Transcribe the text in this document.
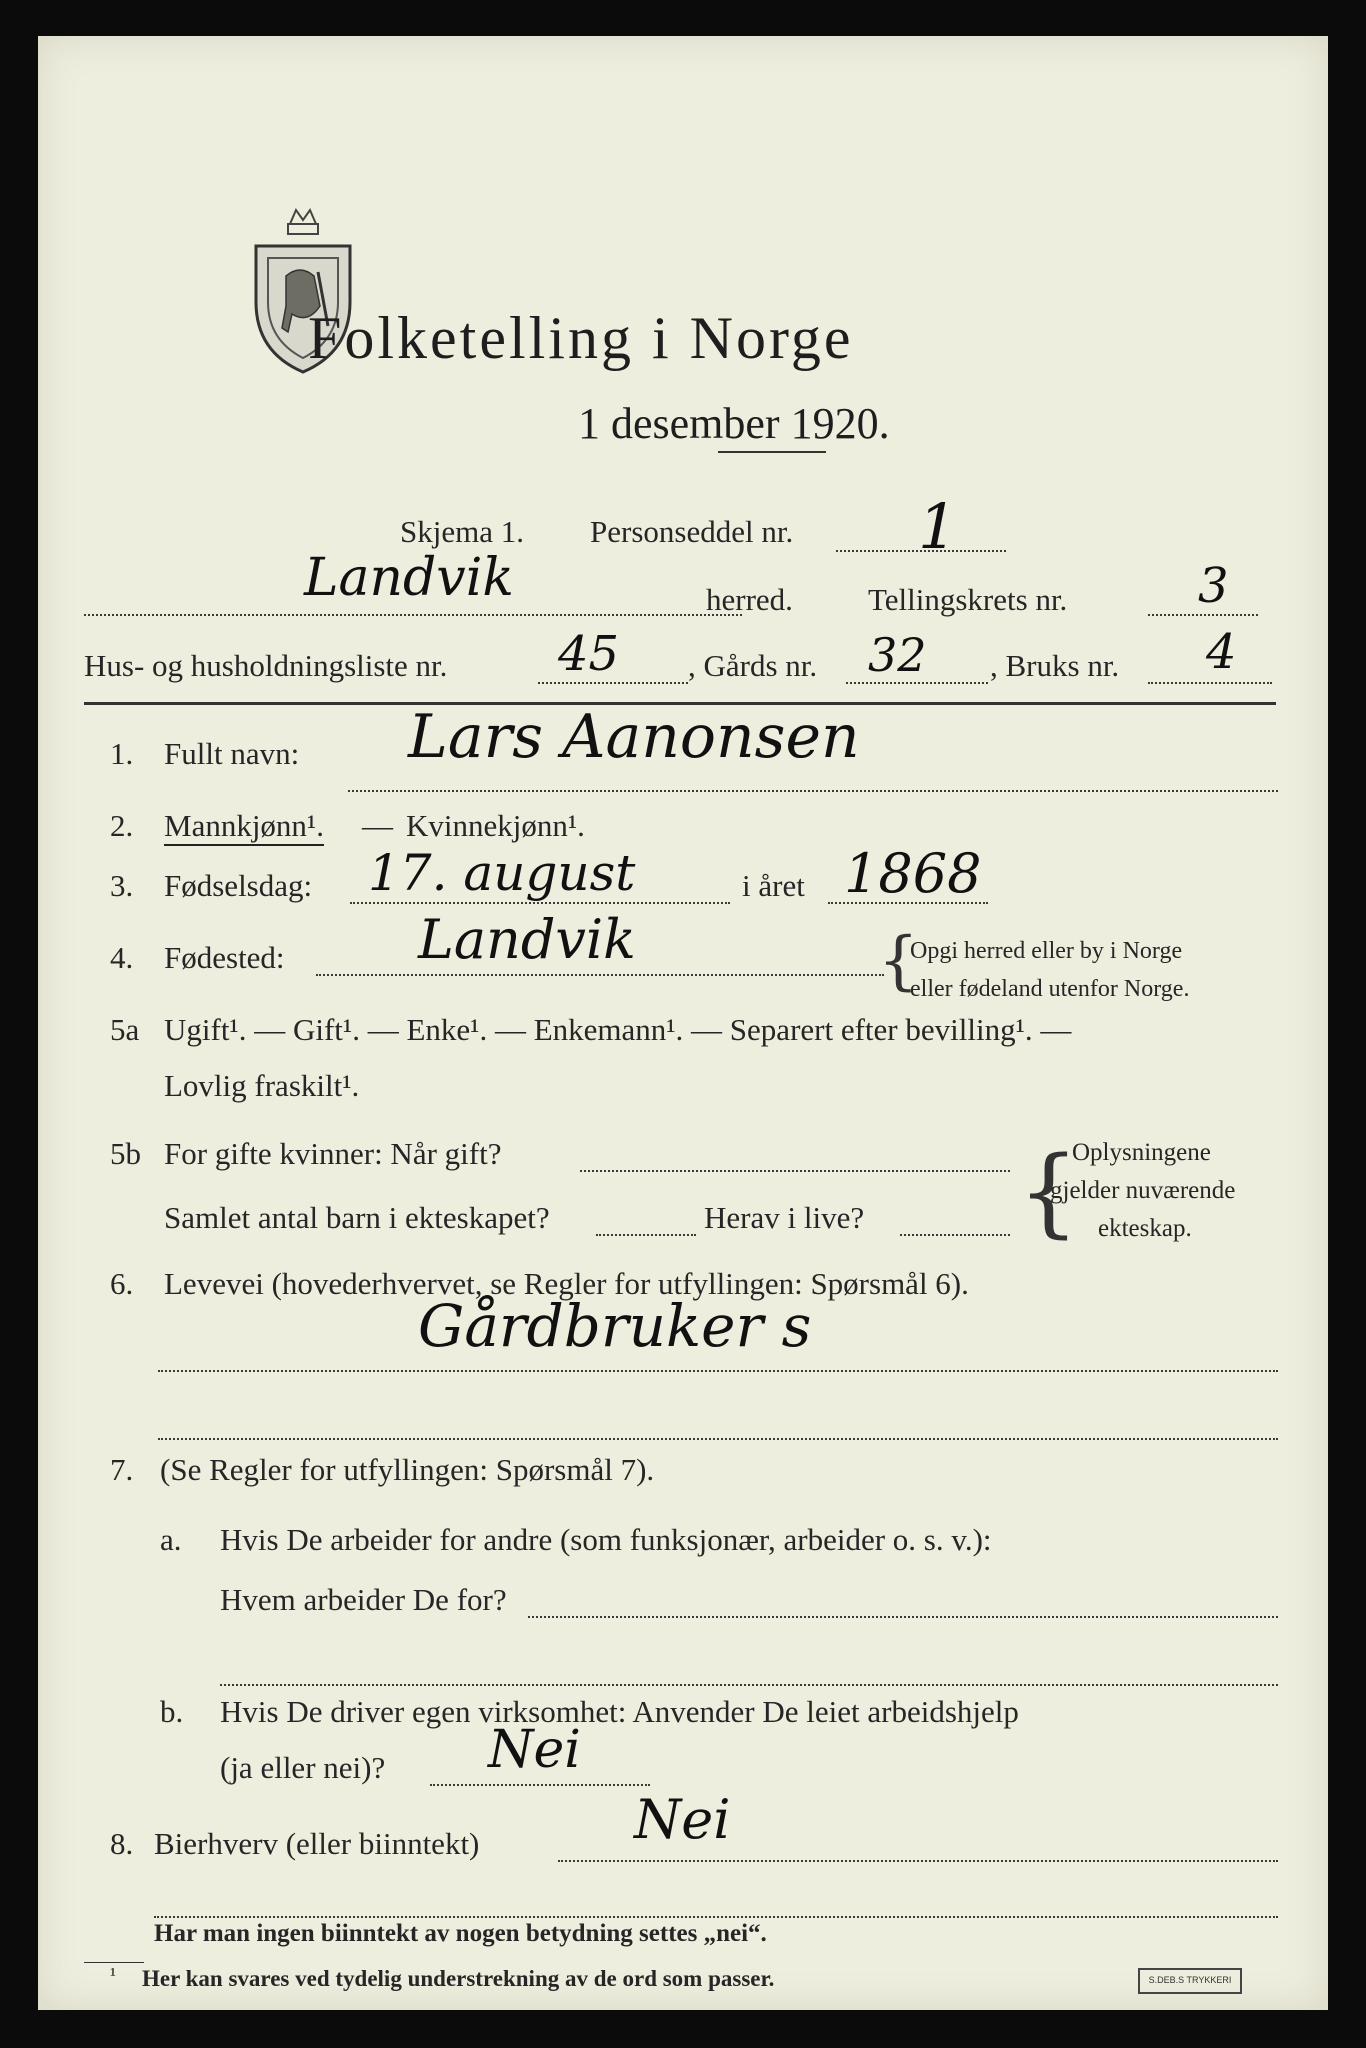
Folketelling i Norge
1 desember 1920.
Skjema 1. Personseddel nr. 1
Landvik	herred. Tellingskrets nr.	3
Hus- og husholdningsliste nr. 45 , Gårds nr. 32 , Bruks nr. 4
1. Fullt navn: Lars Aanonsen
2. Mannkjønn¹. — Kvinnekjønn¹.
3. Fødselsdag: 17. august	i året 1868
4. Fødested: Landvik	{
Opgi herred eller by i Norge
eller fødeland utenfor Norge.
5a Ugift¹. — Gift¹. — Enke¹. — Enkemann¹. — Separert efter bevilling¹. —
Lovlig fraskilt¹.
5b For gifte kvinner: Når gift?
Samlet antal barn i ekteskapet?	Herav i live? {
Oplysningene
gjelder nuværende
ekteskap.
6. Levevei (hovederhvervet, se Regler for utfyllingen: Spørsmål 6).
Gårdbruker s
7. (Se Regler for utfyllingen: Spørsmål 7).
a. Hvis De arbeider for andre (som funksjonær, arbeider o. s. v.):
Hvem arbeider De for?
b. Hvis De driver egen virksomhet: Anvender De leiet arbeidshjelp
(ja eller nei)? Nei
8. Bierhverv (eller biinntekt)	Nei
Har man ingen biinntekt av nogen betydning settes „nei“.
¹ Her kan svares ved tydelig understrekning av de ord som passer.	S.DEB.S TRYKKERI
